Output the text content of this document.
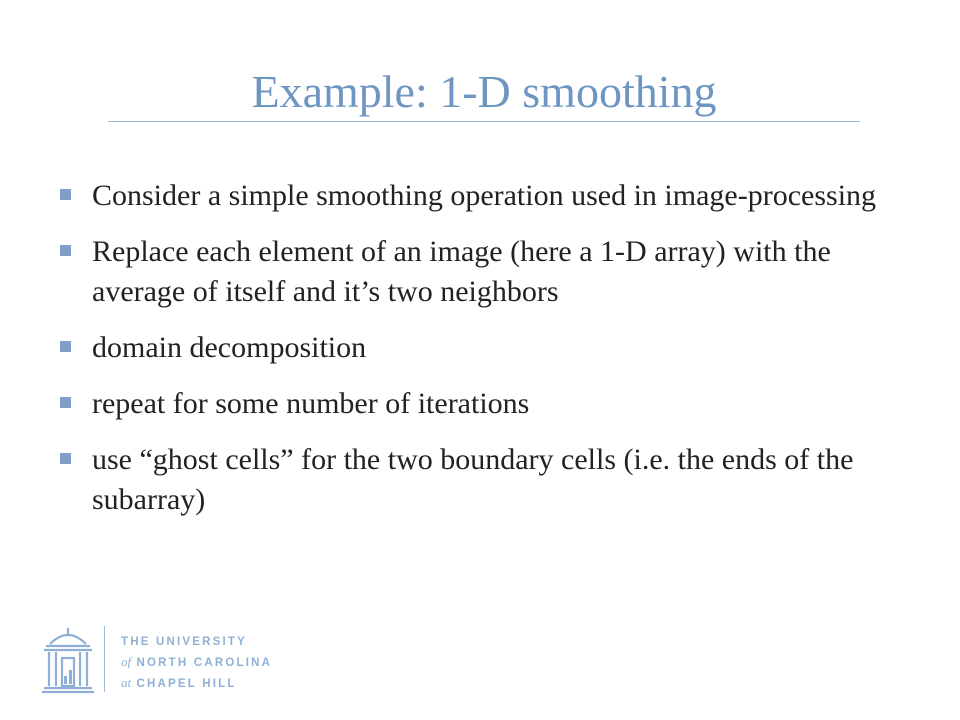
Example: 1-D smoothing
Consider a simple smoothing operation used in image-processing
Replace each element of an image (here a 1-D array) with the average of itself and it’s two neighbors
domain decomposition
repeat for some number of iterations
use “ghost cells” for the two boundary cells (i.e. the ends of the subarray)
THE UNIVERSITY
of NORTH CAROLINA
at CHAPEL HILL
